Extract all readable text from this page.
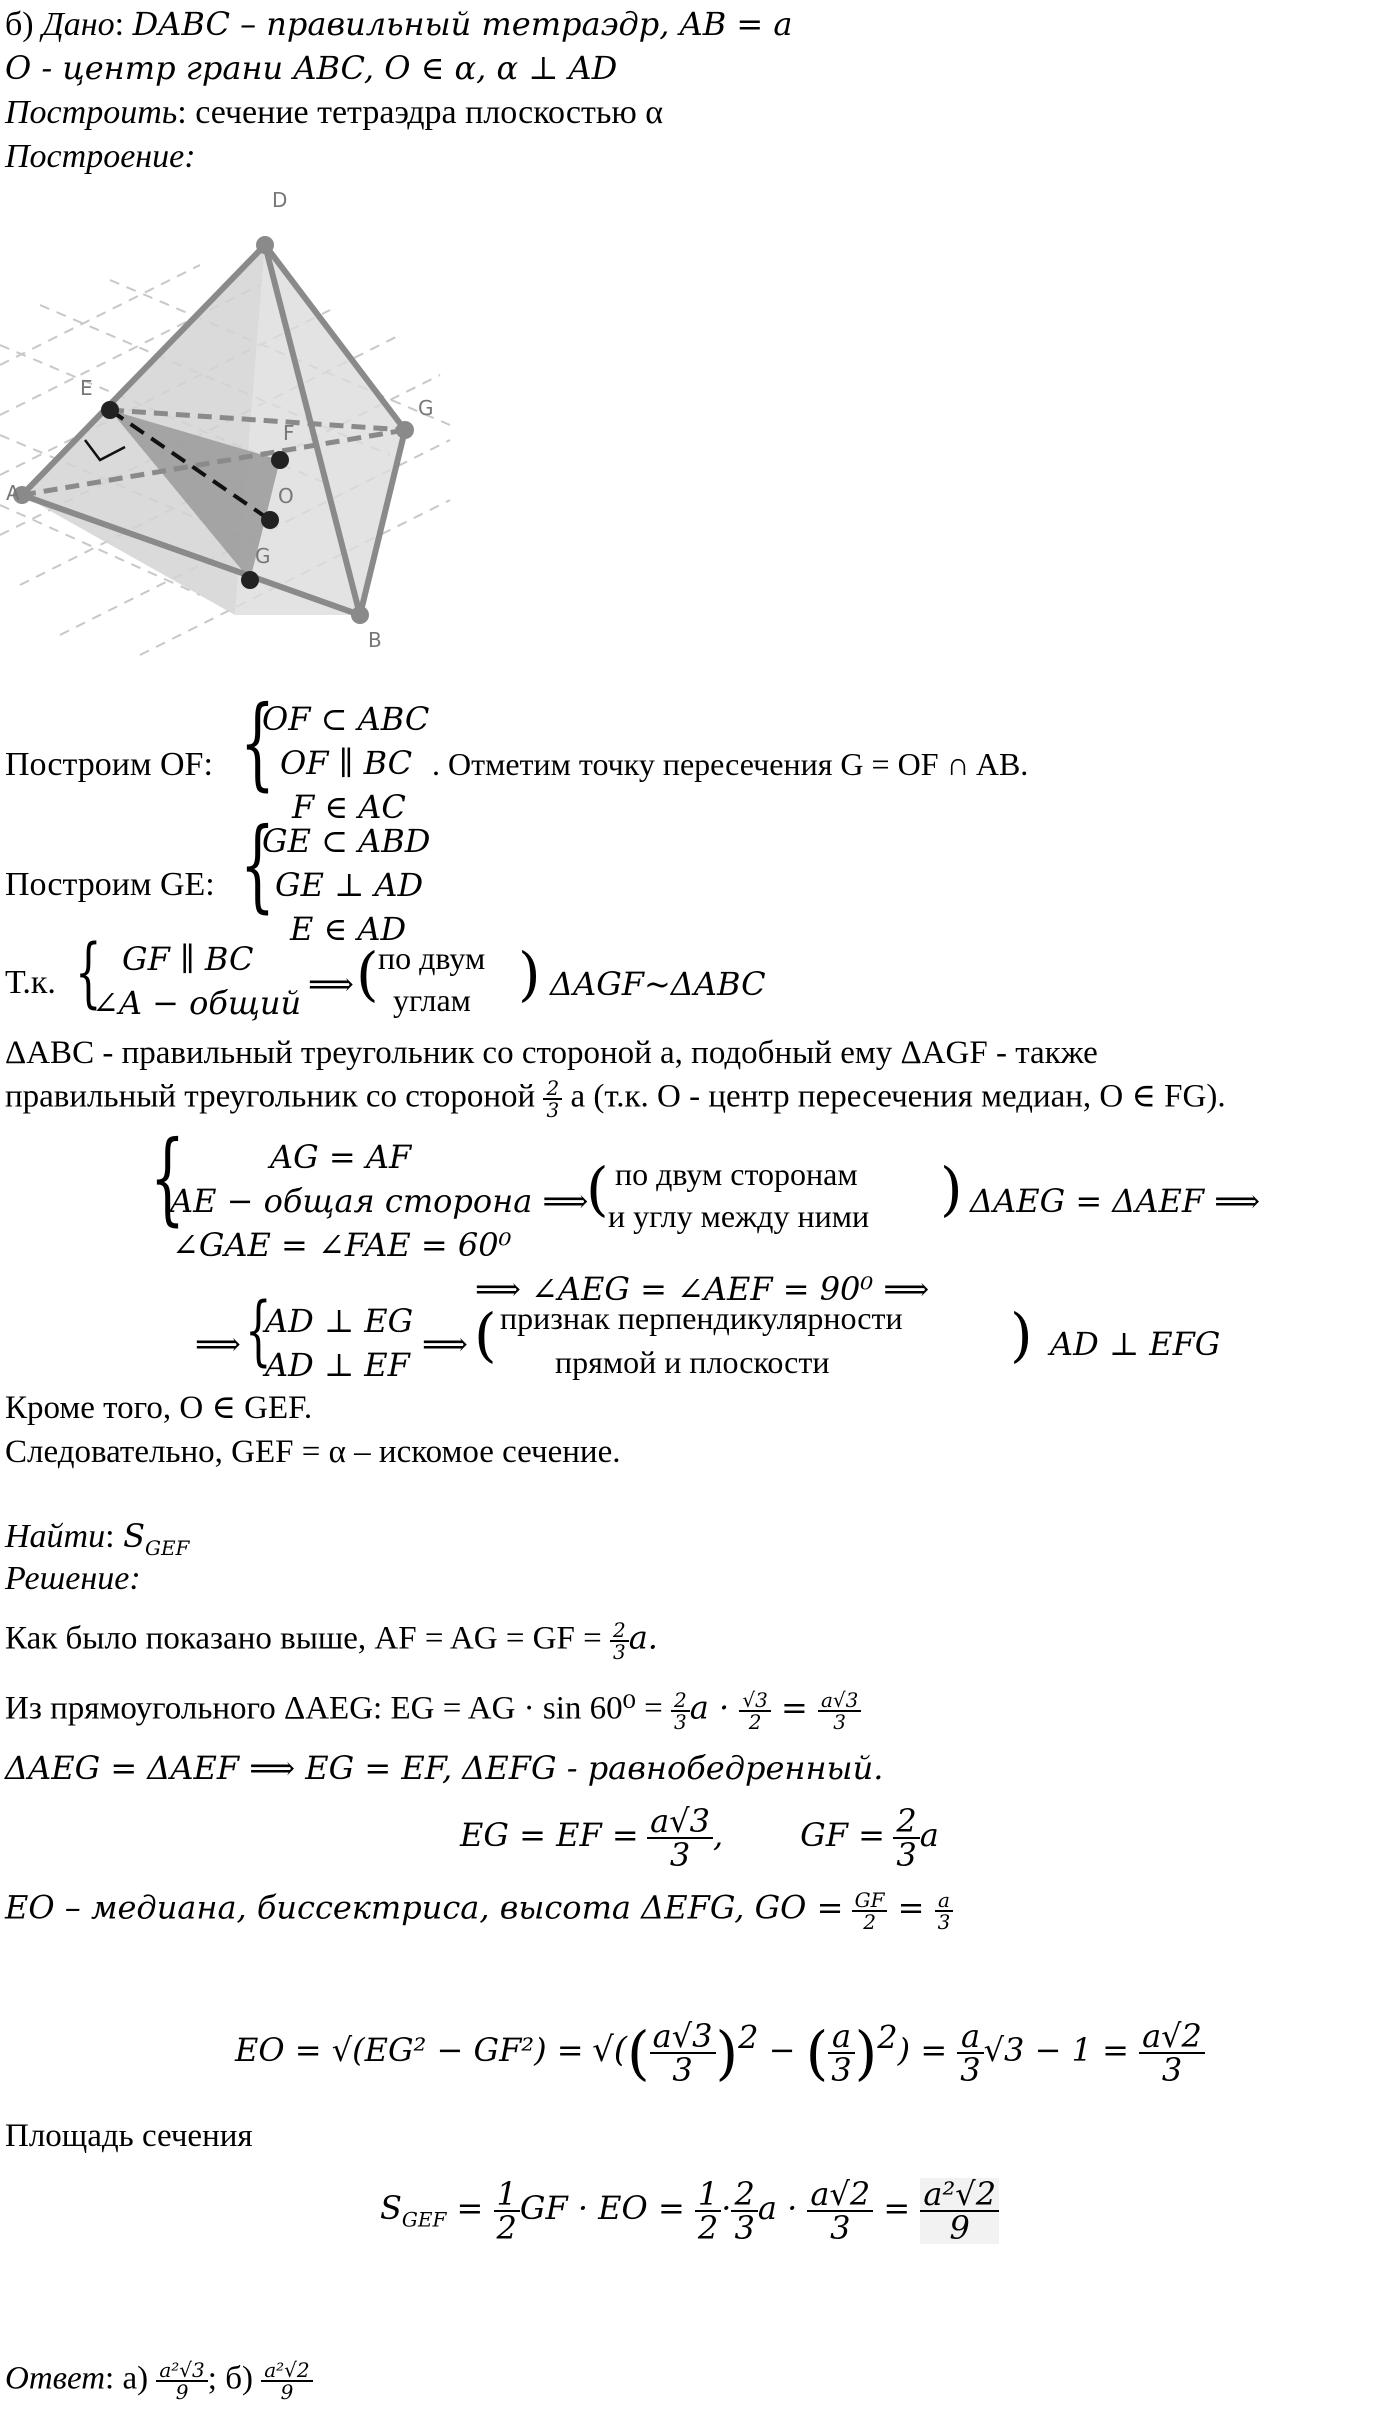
б) Дано: DABC – правильный тетраэдр, AB = a
O - центр грани ABC, O ∈ α, α ⊥ AD
Построить: сечение тетраэдра плоскостью α
Построение:
D
A
B
G
E
F
O
G
Построим OF: {
OF ⊂ ABC
OF ∥ BC
F ∈ AC
. Отметим точку пересечения G = OF ∩ AB.
Построим GE: {
GE ⊂ ABD
GE ⊥ AD
E ∈ AD
Т.к. { GF ∥ BC
∠A − общий ⟹ ( по двум
углам ) ΔAGF~ΔABC
ΔABC - правильный треугольник со стороной a, подобный ему ΔAGF - также
правильный треугольник со стороной $\frac{2}{3}$ a (т.к. O - центр пересечения медиан, O ∈ FG).
{	AG = AF
AE − общая сторона ⟹
∠GAE = ∠FAE = 60⁰
( по двум сторонам
и углу между ними ) ΔAEG = ΔAEF ⟹
⟹ ∠AEG = ∠AEF = 90⁰ ⟹
⟹ {
AD ⊥ EG
AD ⊥ EF
⟹ ( признак перпендикулярности
прямой и плоскости	) AD ⊥ EFG
Кроме того, O ∈ GEF.
Следовательно, GEF = α – искомое сечение.
Найти: $S_{GEF}$
Решение:
Как было показано выше, AF = AG = GF = $\frac{2}{3} a$.
Из прямоугольного ΔAEG: EG = AG · $\sin 60^0 = \frac{2}{3}$ $a \cdot \frac{√3}{2} = \frac{a√3}{3}$
ΔAEG = ΔAEF ⟹ EG = EF, ΔEFG - равнобедренный.
EG = EF = $\frac{a√3}{3}$ , GF = $\frac{2}{3}$ a
EO – медиана, биссектриса, высота ΔEFG, GO = $\frac{GF}{2} = \frac{a}{3}$
EO = √(EG² − GF²) = √(( $\frac{a√3}{3} )^2$ − ( $\frac{a}{3} )^2) = \frac{a}{3} √3 - 1 = \frac{a√2}{3}$
Площадь сечения
$S_{GEF} = \frac{1}{2}$ GF · EO = $\frac{1}{2} \cdot \frac{2}{3}$ $a \cdot \frac{a√2}{3} = \frac{\text{a²√2}}{9}$
Ответ: $а) \frac{\text{a²√3}}{9}$ ; $б) \frac{\text{a²√2}}{9}$
